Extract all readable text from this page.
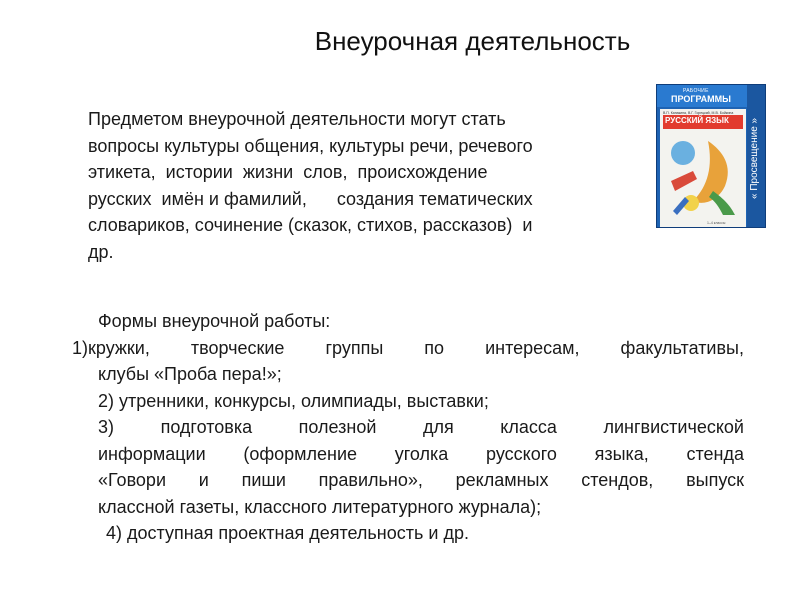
Внеурочная деятельность

Предметом внеурочной деятельности могут стать
вопросы культуры общения, культуры речи, речевого
этикета,  истории  жизни  слов,  происхождение
русских  имён и фамилий,      создания тематических
словариков, сочинение (сказок, стихов, рассказов)  и
др.

РАБОЧИЕ
ПРОГРАММЫ
В.П. Канакина, В.Г. Горецкий, М.В. Бойкина
РУССКИЙ ЯЗЫК
1–4 классы
« Просвещение »
Формы внеурочной работы:
1)кружки, творческие группы по интересам, факультативы,
клубы «Проба пера!»;
2) утренники, конкурсы, олимпиады, выставки;
3) подготовка полезной для класса лингвистической
информации (оформление уголка русского языка, стенда
«Говори и пиши правильно», рекламных стендов, выпуск
классной газеты, классного литературного журнала);
4) доступная проектная деятельность и др.
